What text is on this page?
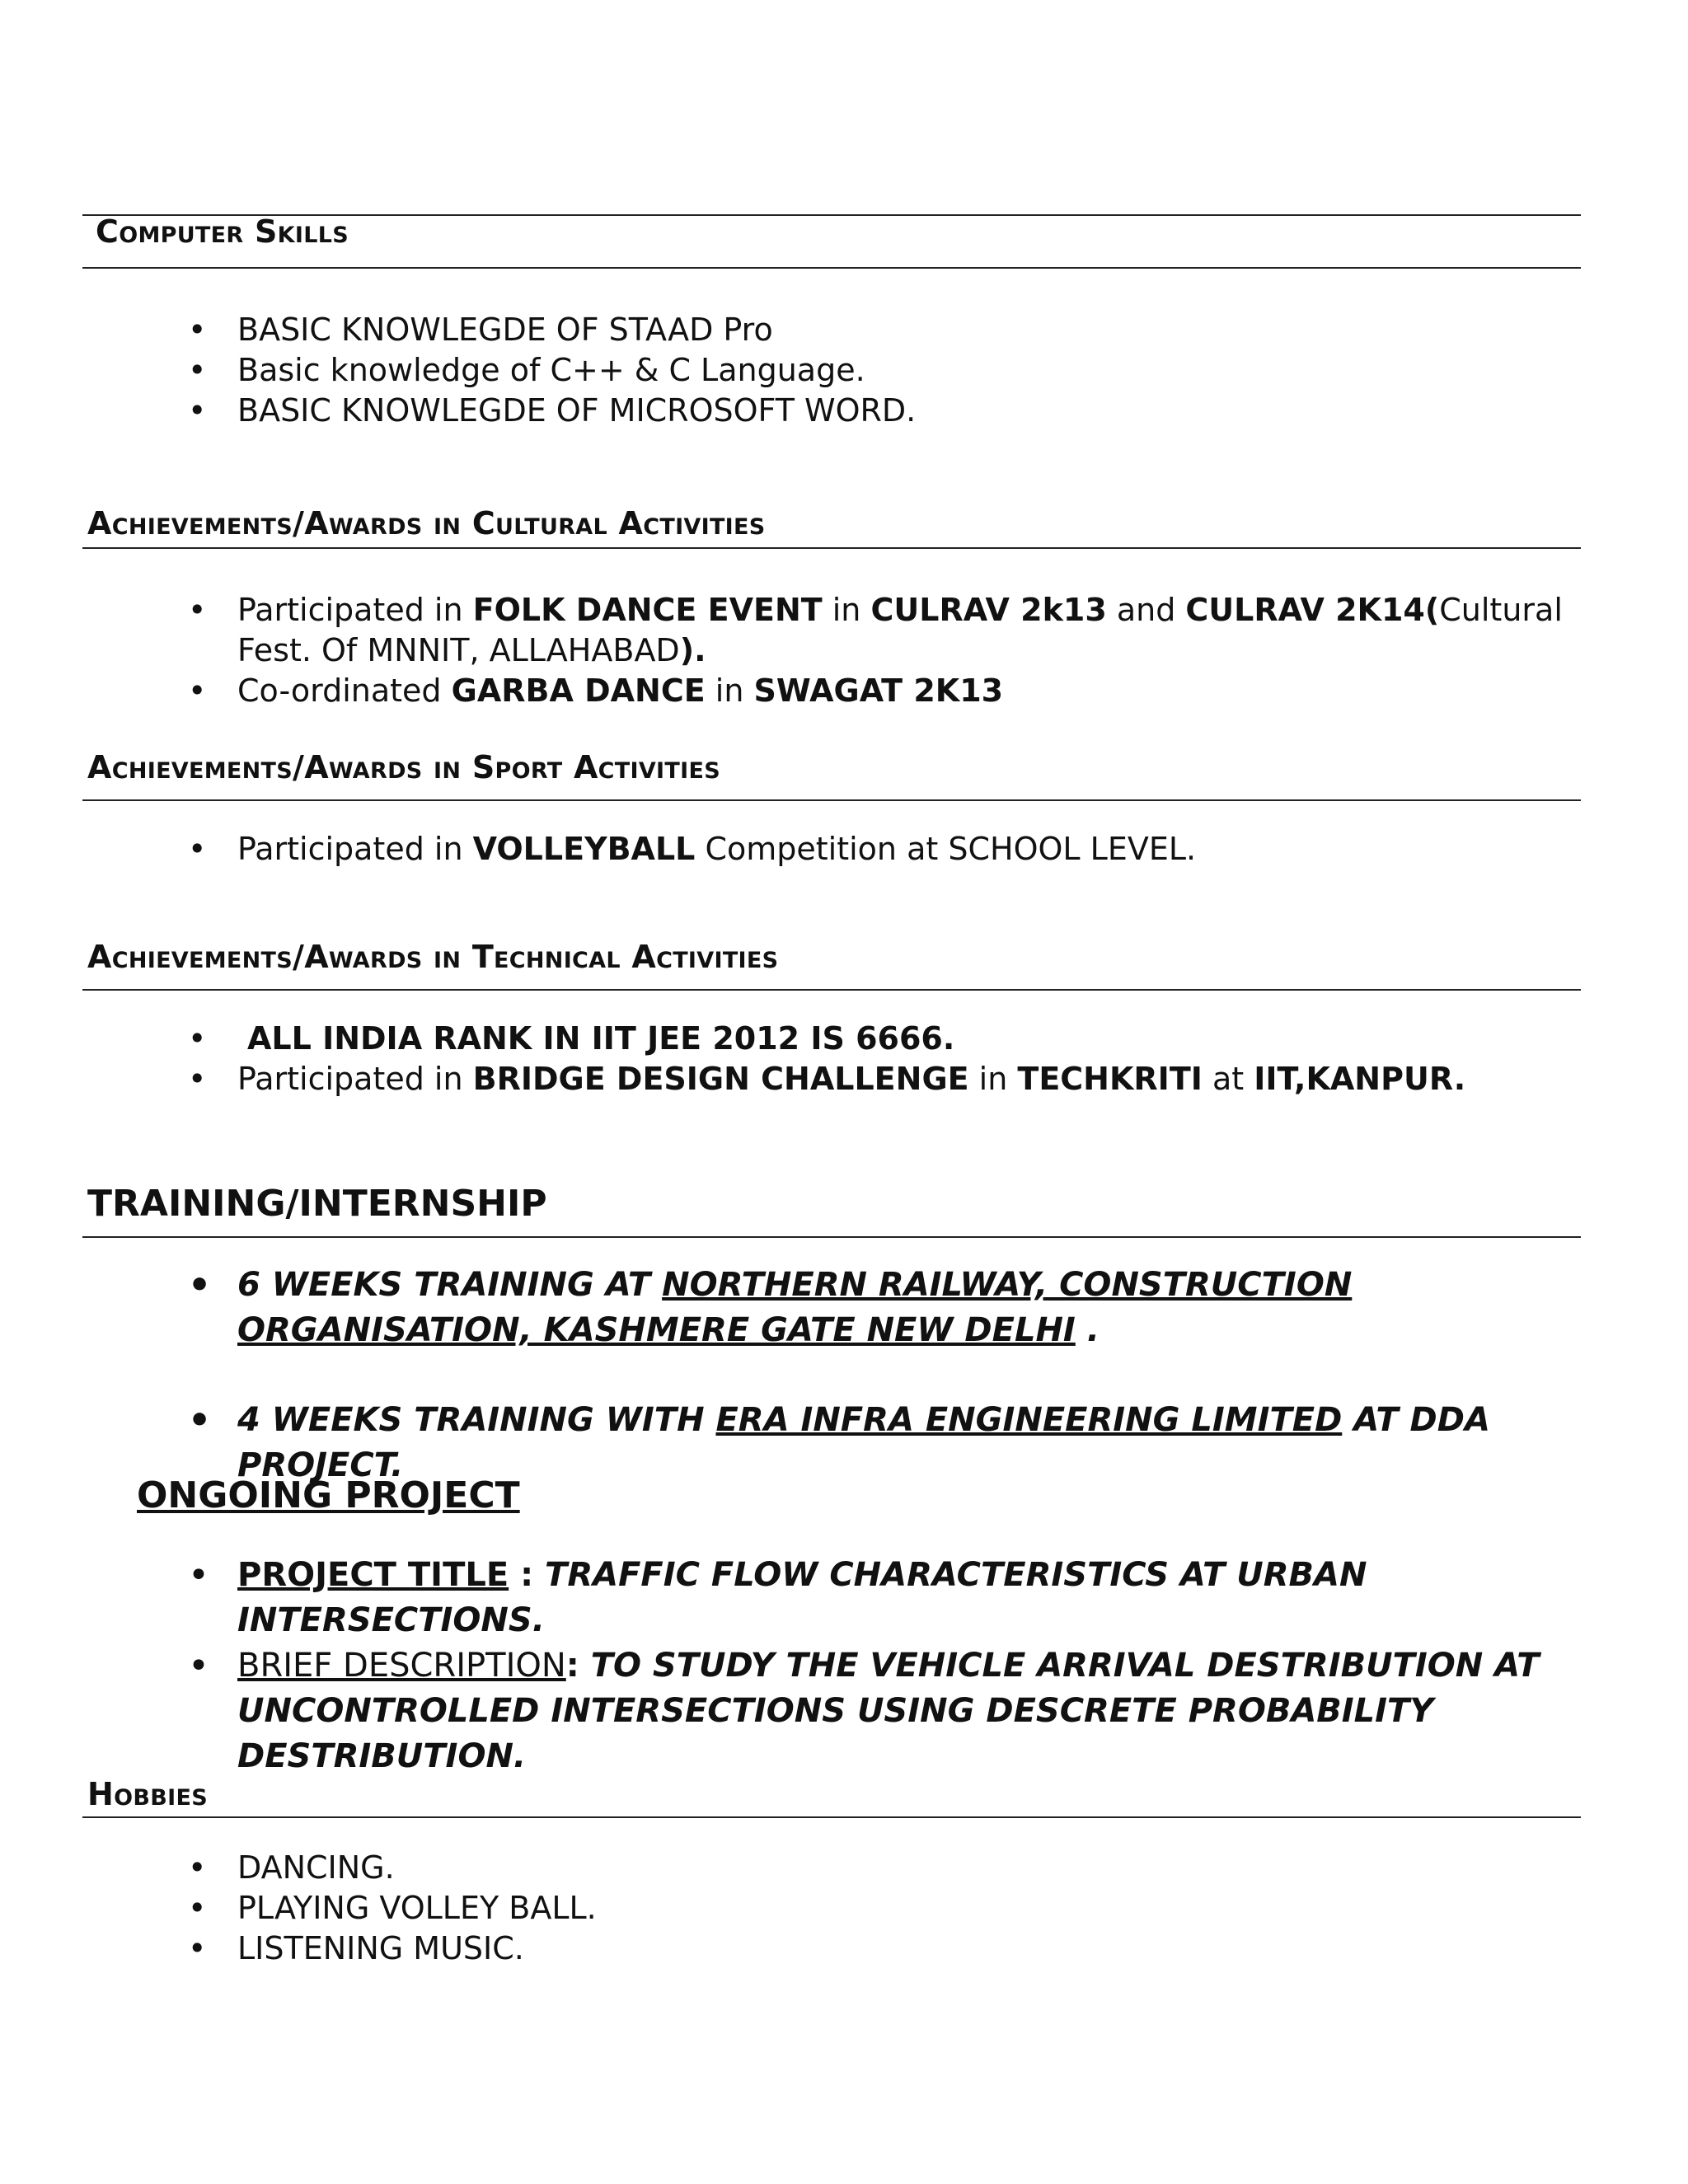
Computer Skills
• BASIC KNOWLEGDE OF STAAD Pro
• Basic knowledge of C++ & C Language.
• BASIC KNOWLEGDE OF MICROSOFT WORD.
Achievements/Awards in Cultural Activities
• Participated in FOLK DANCE EVENT in CULRAV 2k13 and CULRAV 2K14(Cultural Fest. Of MNNIT, ALLAHABAD).
• Co-ordinated GARBA DANCE in SWAGAT 2K13
Achievements/Awards in Sport Activities
• Participated in VOLLEYBALL Competition at SCHOOL LEVEL.
Achievements/Awards in Technical Activities
• ALL INDIA RANK IN IIT JEE 2012 IS 6666.
• Participated in BRIDGE DESIGN CHALLENGE in TECHKRITI at IIT,KANPUR.
TRAINING/INTERNSHIP
• 6 WEEKS TRAINING AT NORTHERN RAILWAY, CONSTRUCTION ORGANISATION, KASHMERE GATE NEW DELHI .
• 4 WEEKS TRAINING WITH ERA INFRA ENGINEERING LIMITED AT DDA PROJECT.
ONGOING PROJECT
• PROJECT TITLE : TRAFFIC FLOW CHARACTERISTICS AT URBAN INTERSECTIONS.
• BRIEF DESCRIPTION: TO STUDY THE VEHICLE ARRIVAL DESTRIBUTION AT UNCONTROLLED INTERSECTIONS USING DESCRETE PROBABILITY DESTRIBUTION.
Hobbies
• DANCING.
• PLAYING VOLLEY BALL.
• LISTENING MUSIC.
